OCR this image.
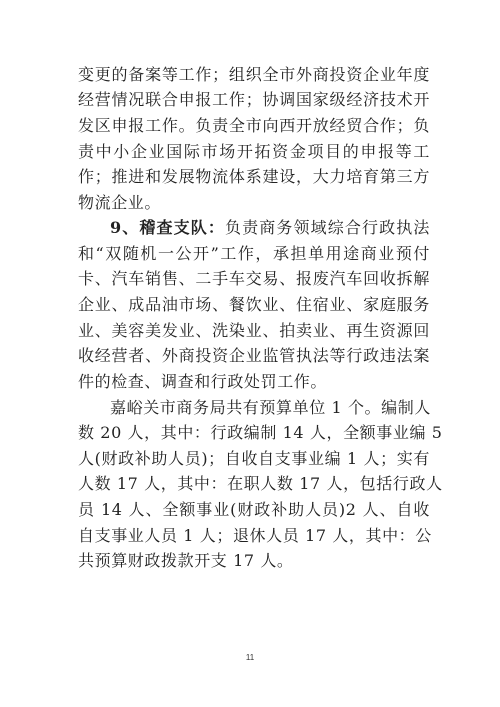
变更的备案等工作；组织全市外商投资企业年度
经营情况联合申报工作；协调国家级经济技术开
发区申报工作。负责全市向西开放经贸合作；负
责中小企业国际市场开拓资金项目的申报等工
作；推进和发展物流体系建设，大力培育第三方
物流企业。
9、稽查支队：负责商务领域综合行政执法
和“双随机一公开”工作，承担单用途商业预付
卡、汽车销售、二手车交易、报废汽车回收拆解
企业、成品油市场、餐饮业、住宿业、家庭服务
业、美容美发业、洗染业、拍卖业、再生资源回
收经营者、外商投资企业监管执法等行政违法案
件的检查、调查和行政处罚工作。
嘉峪关市商务局共有预算单位 1 个。编制人
数 20 人，其中：行政编制 14 人，全额事业编 5
人(财政补助人员)；自收自支事业编 1 人；实有
人数 17 人，其中：在职人数 17 人，包括行政人
员 14 人、全额事业(财政补助人员)2 人、自收
自支事业人员 1 人；退休人员 17 人，其中：公
共预算财政拨款开支 17 人。
11
